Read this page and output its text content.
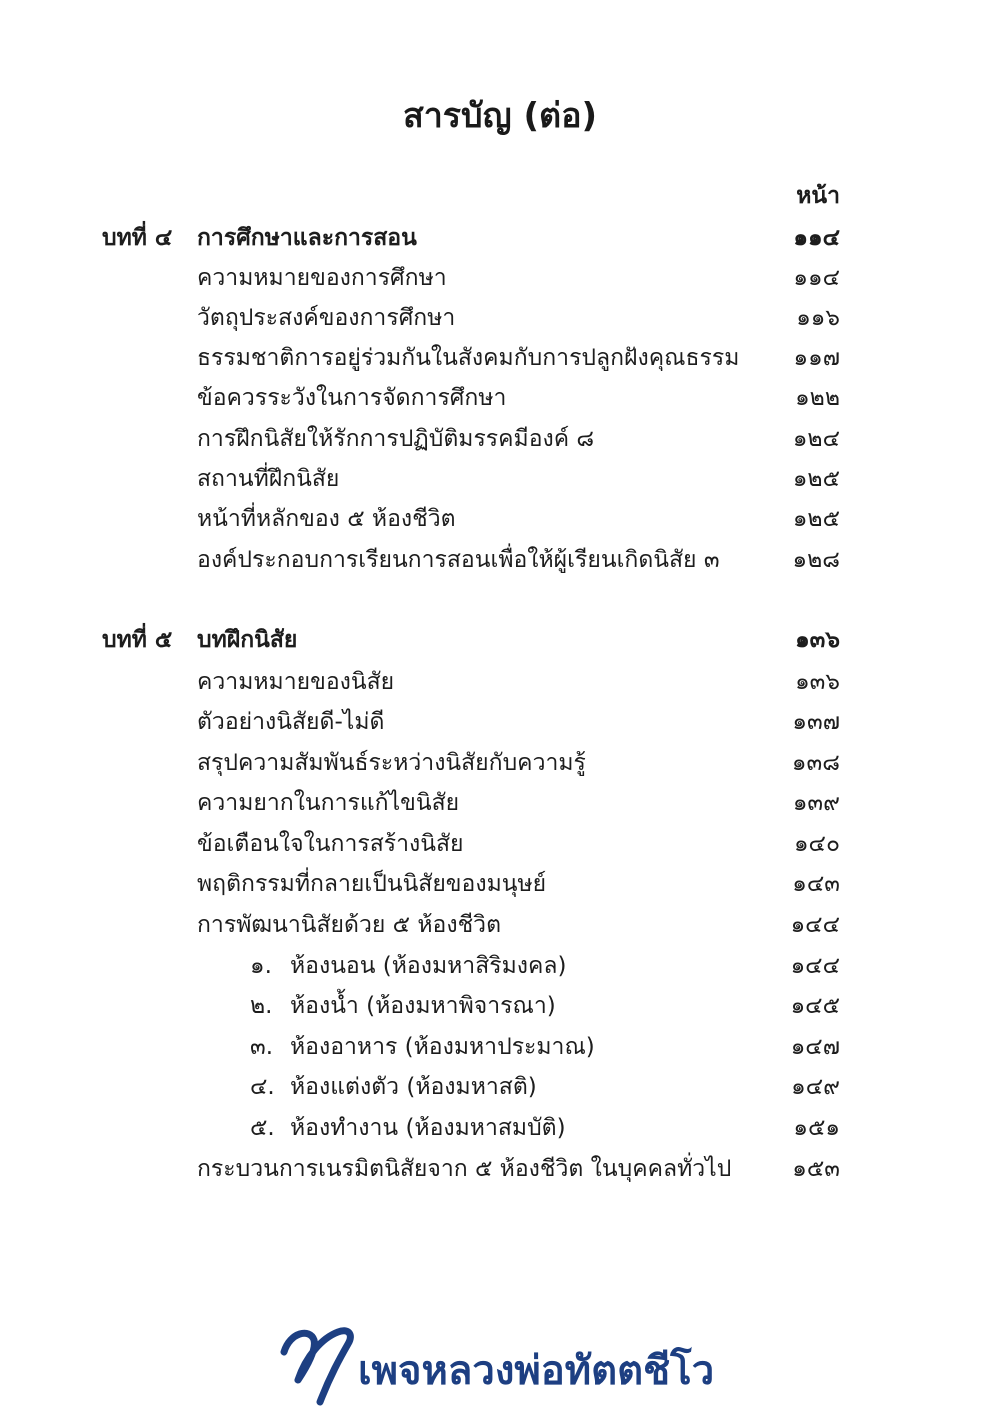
สารบัญ (ต่อ)
หน้า
บทที่ ๔ การศึกษาและการสอน	๑๑๔
ความหมายของการศึกษา	๑๑๔
วัตถุประสงค์ของการศึกษา	๑๑๖
ธรรมชาติการอยู่ร่วมกันในสังคมกับการปลูกฝังคุณธรรม ๑๑๗
ข้อควรระวังในการจัดการศึกษา	๑๒๒
การฝึกนิสัยให้รักการปฏิบัติมรรคมีองค์ ๘	๑๒๔
สถานที่ฝึกนิสัย	๑๒๕
หน้าที่หลักของ ๕ ห้องชีวิต	๑๒๕
องค์ประกอบการเรียนการสอนเพื่อให้ผู้เรียนเกิดนิสัย ๓	๑๒๘
บทที่ ๕ บทฝึกนิสัย	๑๓๖
ความหมายของนิสัย	๑๓๖
ตัวอย่างนิสัยดี-ไม่ดี	๑๓๗
สรุปความสัมพันธ์ระหว่างนิสัยกับความรู้	๑๓๘
ความยากในการแก้ไขนิสัย	๑๓๙
ข้อเตือนใจในการสร้างนิสัย	๑๔๐
พฤติกรรมที่กลายเป็นนิสัยของมนุษย์	๑๔๓
การพัฒนานิสัยด้วย ๕ ห้องชีวิต	๑๔๔
๑. ห้องนอน (ห้องมหาสิริมงคล)	๑๔๔
๒. ห้องน้ำ (ห้องมหาพิจารณา)	๑๔๕
๓. ห้องอาหาร (ห้องมหาประมาณ)	๑๔๗
๔. ห้องแต่งตัว (ห้องมหาสติ)	๑๔๙
๕. ห้องทำงาน (ห้องมหาสมบัติ)	๑๕๑
กระบวนการเนรมิตนิสัยจาก ๕ ห้องชีวิต ในบุคคลทั่วไป	๑๕๓
เพจหลวงพ่อทัตตชีโว
